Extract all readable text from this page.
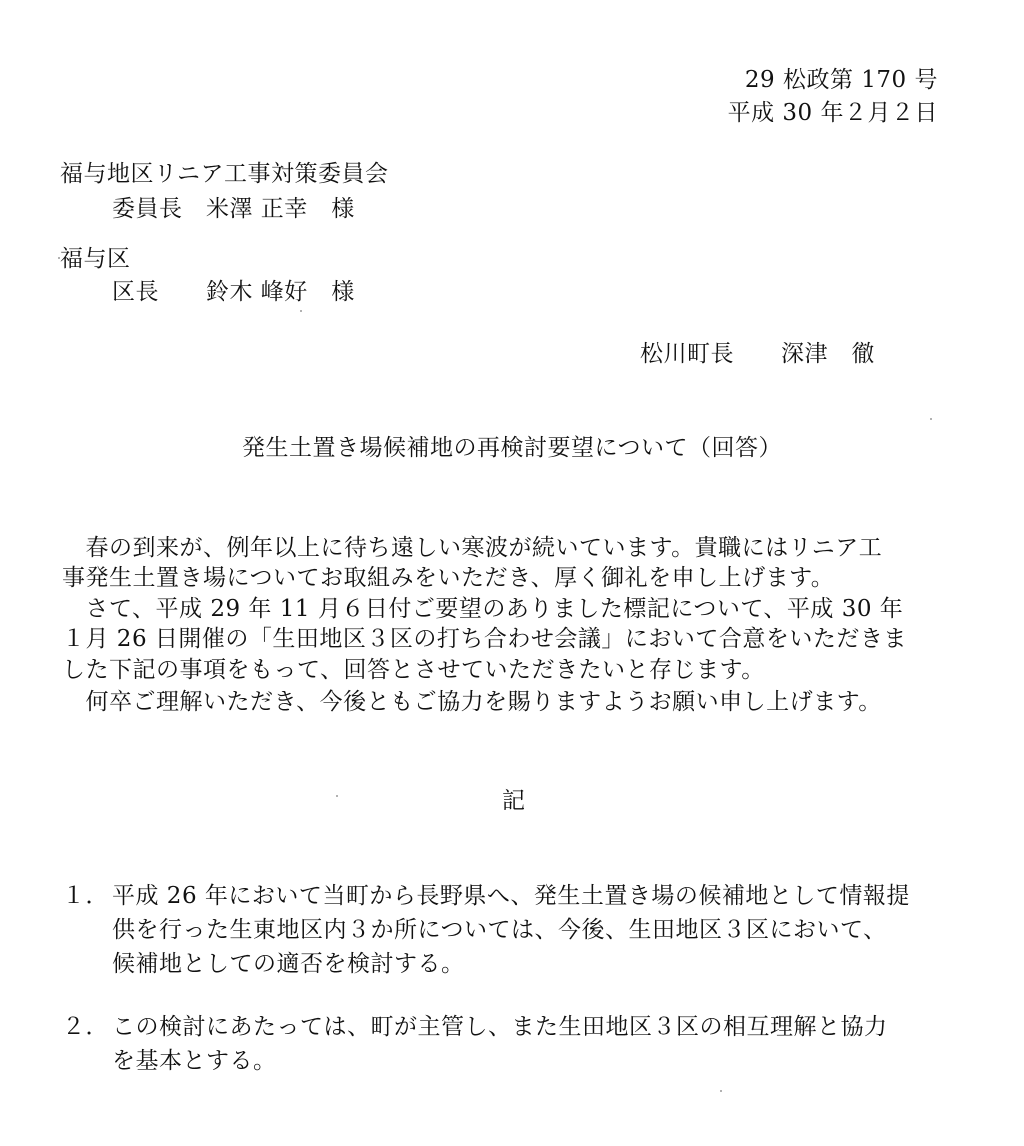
29 松政第 170 号
平成 30 年２月２日
福与地区リニア工事対策委員会
委員長　米澤 正幸　様
福与区
区長　　鈴木 峰好　様
松川町長　　深津　徹
発生土置き場候補地の再検討要望について（回答）
　春の到来が、例年以上に待ち遠しい寒波が続いています。貴職にはリニア工
事発生土置き場についてお取組みをいただき、厚く御礼を申し上げます。
　さて、平成 29 年 11 月６日付ご要望のありました標記について、平成 30 年
１月 26 日開催の「生田地区３区の打ち合わせ会議」において合意をいただきま
した下記の事項をもって、回答とさせていただきたいと存じます。
　何卒ご理解いただき、今後ともご協力を賜りますようお願い申し上げます。
記
１． 平成 26 年において当町から長野県へ、発生土置き場の候補地として情報提
供を行った生東地区内３か所については、今後、生田地区３区において、
候補地としての適否を検討する。
２． この検討にあたっては、町が主管し、また生田地区３区の相互理解と協力
を基本とする。
